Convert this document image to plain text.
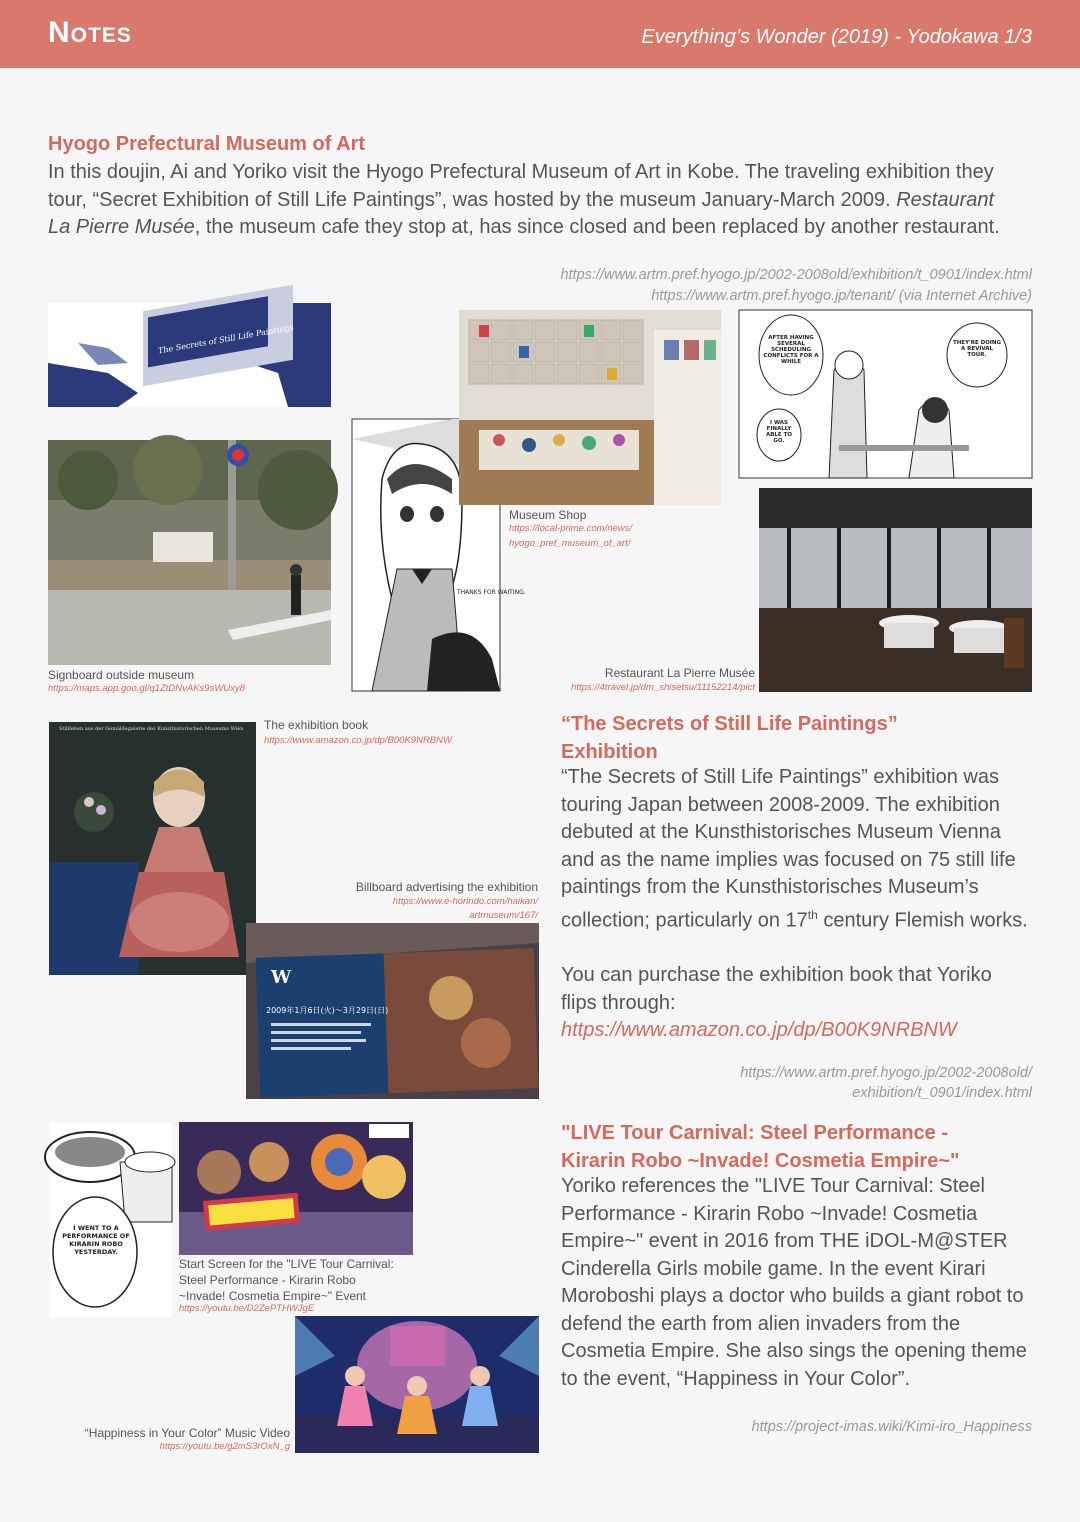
Notes	Everything’s Wonder (2019) - Yodokawa 1/3
Hyogo Prefectural Museum of Art
In this doujin, Ai and Yoriko visit the Hyogo Prefectural Museum of Art in Kobe. The traveling exhibition they tour, “Secret Exhibition of Still Life Paintings”, was hosted by the museum January-March 2009. Restaurant La Pierre Musée, the museum cafe they stop at, has since closed and been replaced by another restaurant.
https://www.artm.pref.hyogo.jp/2002-2008old/exhibition/t_0901/index.html
https://www.artm.pref.hyogo.jp/tenant/ (via Internet Archive)
The Secrets of Still Life Paintings
Signboard outside museum
https://maps.app.goo.gl/q1ZtDNvAKs9sWUxy8
THANKS FOR WAITING.
Museum Shop
https://local-prime.com/news/
hyogo_pref_museum_of_art/
AFTER HAVING SEVERAL SCHEDULING CONFLICTS FOR A WHILE
I WAS FINALLY ABLE TO GO.
THEY'RE DOING A REVIVAL TOUR.
Restaurant La Pierre Musée
https://4travel.jp/dm_shisetsu/11152214/pict
Stillleben aus der Gemäldegalerie des Kunsthistorischen Museums Wien	The exhibition book
https://www.amazon.co.jp/dp/B00K9NRBNW
Billboard advertising the exhibition
https://www.e-horindo.com/haikan/
artmuseum/167/
W
2009年1月6日(火)～3月29日(日)
“The Secrets of Still Life Paintings”
Exhibition
“The Secrets of Still Life Paintings” exhibition was touring Japan between 2008-2009. The exhibition debuted at the Kunsthistorisches Museum Vienna and as the name implies was focused on 75 still life paintings from the Kunsthistorisches Museum’s collection; particularly on 17th century Flemish works.
You can purchase the exhibition book that Yoriko flips through: https://www.amazon.co.jp/dp/B00K9NRBNW
https://www.artm.pref.hyogo.jp/2002-2008old/
exhibition/t_0901/index.html
I WENT TO A PERFORMANCE OF KIRARIN ROBO YESTERDAY.
Start Screen for the "LIVE Tour Carnival:
Steel Performance - Kirarin Robo
~Invade! Cosmetia Empire~" Event
https://youtu.be/D2ZePTHWJgE
“Happiness in Your Color” Music Video
https://youtu.be/g2mS3rOxN_g
"LIVE Tour Carnival: Steel Performance -
Kirarin Robo ~Invade! Cosmetia Empire~"
Yoriko references the "LIVE Tour Carnival: Steel Performance - Kirarin Robo ~Invade! Cosmetia Empire~" event in 2016 from THE iDOL-M@STER Cinderella Girls mobile game. In the event Kirari Moroboshi plays a doctor who builds a giant robot to defend the earth from alien invaders from the Cosmetia Empire. She also sings the opening theme to the event, “Happiness in Your Color”.
https://project-imas.wiki/Kimi-iro_Happiness
